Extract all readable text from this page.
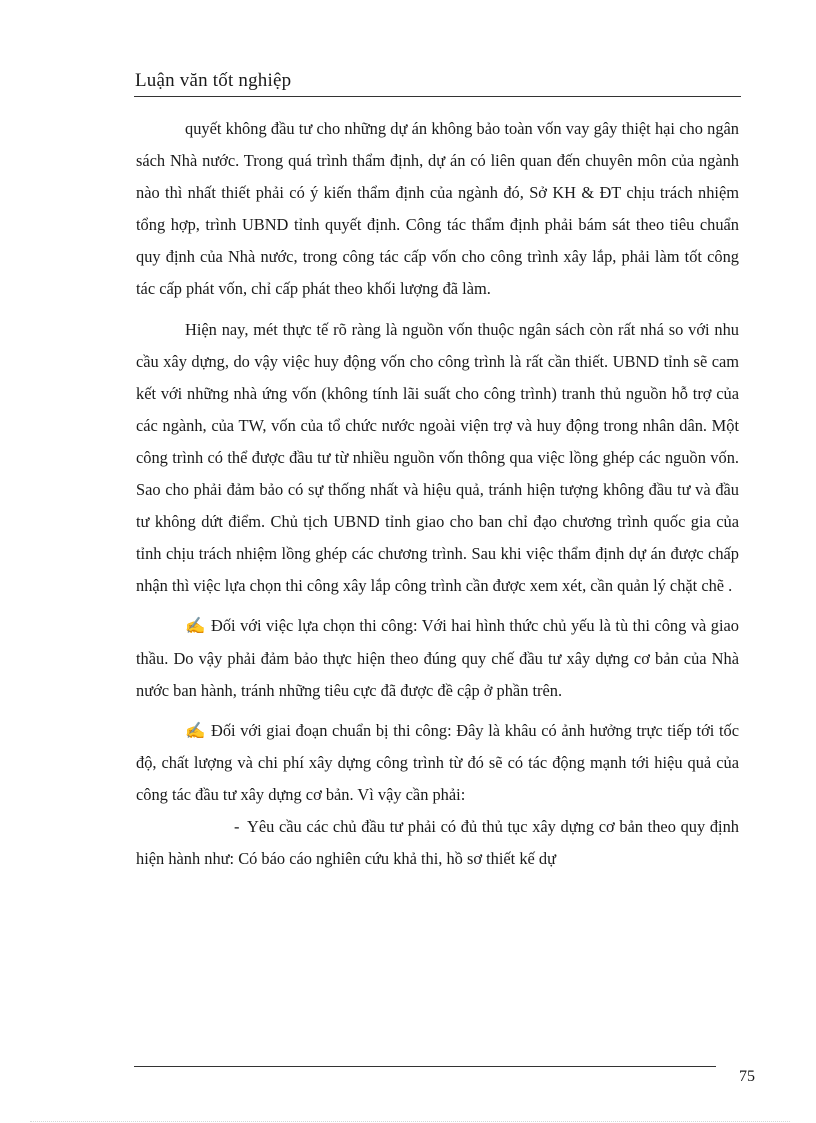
Luận văn tốt nghiệp

quyết không đầu tư cho những dự án không bảo toàn vốn vay gây thiệt hại cho ngân sách Nhà nước. Trong quá trình thẩm định, dự án có liên quan đến chuyên môn của ngành nào thì nhất thiết phải có ý kiến thẩm định của ngành đó, Sở KH & ĐT chịu trách nhiệm tổng hợp, trình UBND tỉnh quyết định. Công tác thẩm định phải bám sát theo tiêu chuẩn quy định của Nhà nước, trong công tác cấp vốn cho công trình xây lắp, phải làm tốt công tác cấp phát vốn, chỉ cấp phát theo khối lượng đã làm.

Hiện nay, mét thực tế rõ ràng là nguồn vốn thuộc ngân sách còn rất nhá so với nhu cầu xây dựng, do vậy việc huy động vốn cho công trình là rất cần thiết. UBND tỉnh sẽ cam kết với những nhà ứng vốn (không tính lãi suất cho công trình) tranh thủ nguồn hỗ trợ của các ngành, của TW, vốn của tổ chức nước ngoài viện trợ và huy động trong nhân dân. Một công trình có thể được đầu tư từ nhiều nguồn vốn thông qua việc lồng ghép các nguồn vốn. Sao cho phải đảm bảo có sự thống nhất và hiệu quả, tránh hiện tượng không đầu tư và đầu tư không dứt điểm. Chủ tịch UBND tỉnh giao cho ban chỉ đạo chương trình quốc gia của tỉnh chịu trách nhiệm lồng ghép các chương trình. Sau khi việc thẩm định dự án được chấp nhận thì việc lựa chọn thi công xây lắp công trình cần được xem xét, cần quản lý chặt chẽ .

✍ Đối với việc lựa chọn thi công: Với hai hình thức chủ yếu là tù thi công và giao thầu. Do vậy phải đảm bảo thực hiện theo đúng quy chế đầu tư xây dựng cơ bản của Nhà nước ban hành, tránh những tiêu cực đã được đề cập ở phần trên.

✍ Đối với giai đoạn chuẩn bị thi công: Đây là khâu có ảnh hưởng trực tiếp tới tốc độ, chất lượng và chi phí xây dựng công trình từ đó sẽ có tác động mạnh tới hiệu quả của công tác đầu tư xây dựng cơ bản. Vì vậy cần phải:

- Yêu cầu các chủ đầu tư phải có đủ thủ tục xây dựng cơ bản theo quy định hiện hành như: Có báo cáo nghiên cứu khả thi, hồ sơ thiết kế dự

75
